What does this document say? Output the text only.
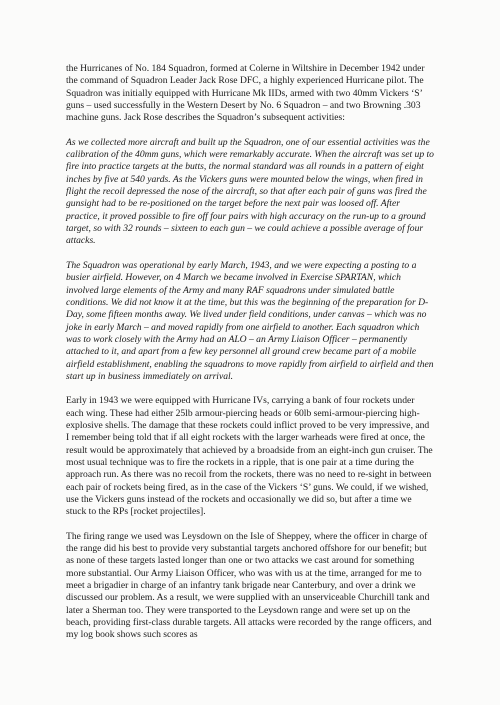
the Hurricanes of No. 184 Squadron, formed at Colerne in Wiltshire in December 1942 under the command of Squadron Leader Jack Rose DFC, a highly experienced Hurricane pilot. The Squadron was initially equipped with Hurricane Mk IIDs, armed with two 40mm Vickers ‘S’ guns – used successfully in the Western Desert by No. 6 Squadron – and two Browning .303 machine guns. Jack Rose describes the Squadron’s subsequent activities:

As we collected more aircraft and built up the Squadron, one of our essential activities was the calibration of the 40mm guns, which were remarkably accurate. When the aircraft was set up to fire into practice targets at the butts, the normal standard was all rounds in a pattern of eight inches by five at 540 yards. As the Vickers guns were mounted below the wings, when fired in flight the recoil depressed the nose of the aircraft, so that after each pair of guns was fired the gunsight had to be re-positioned on the target before the next pair was loosed off. After practice, it proved possible to fire off four pairs with high accuracy on the run-up to a ground target, so with 32 rounds – sixteen to each gun – we could achieve a possible average of four attacks.

The Squadron was operational by early March, 1943, and we were expecting a posting to a busier airfield. However, on 4 March we became involved in Exercise SPARTAN, which involved large elements of the Army and many RAF squadrons under simulated battle conditions. We did not know it at the time, but this was the beginning of the preparation for D-Day, some fifteen months away. We lived under field conditions, under canvas – which was no joke in early March – and moved rapidly from one airfield to another. Each squadron which was to work closely with the Army had an ALO – an Army Liaison Officer – permanently attached to it, and apart from a few key personnel all ground crew became part of a mobile airfield establishment, enabling the squadrons to move rapidly from airfield to airfield and then start up in business immediately on arrival.

Early in 1943 we were equipped with Hurricane IVs, carrying a bank of four rockets under each wing. These had either 25lb armour-piercing heads or 60lb semi-armour-piercing high-explosive shells. The damage that these rockets could inflict proved to be very impressive, and I remember being told that if all eight rockets with the larger warheads were fired at once, the result would be approximately that achieved by a broadside from an eight-inch gun cruiser. The most usual technique was to fire the rockets in a ripple, that is one pair at a time during the approach run. As there was no recoil from the rockets, there was no need to re-sight in between each pair of rockets being fired, as in the case of the Vickers ‘S’ guns. We could, if we wished, use the Vickers guns instead of the rockets and occasionally we did so, but after a time we stuck to the RPs [rocket projectiles].

The firing range we used was Leysdown on the Isle of Sheppey, where the officer in charge of the range did his best to provide very substantial targets anchored offshore for our benefit; but as none of these targets lasted longer than one or two attacks we cast around for something more substantial. Our Army Liaison Officer, who was with us at the time, arranged for me to meet a brigadier in charge of an infantry tank brigade near Canterbury, and over a drink we discussed our problem. As a result, we were supplied with an unserviceable Churchill tank and later a Sherman too. They were transported to the Leysdown range and were set up on the beach, providing first-class durable targets. All attacks were recorded by the range officers, and my log book shows such scores as
